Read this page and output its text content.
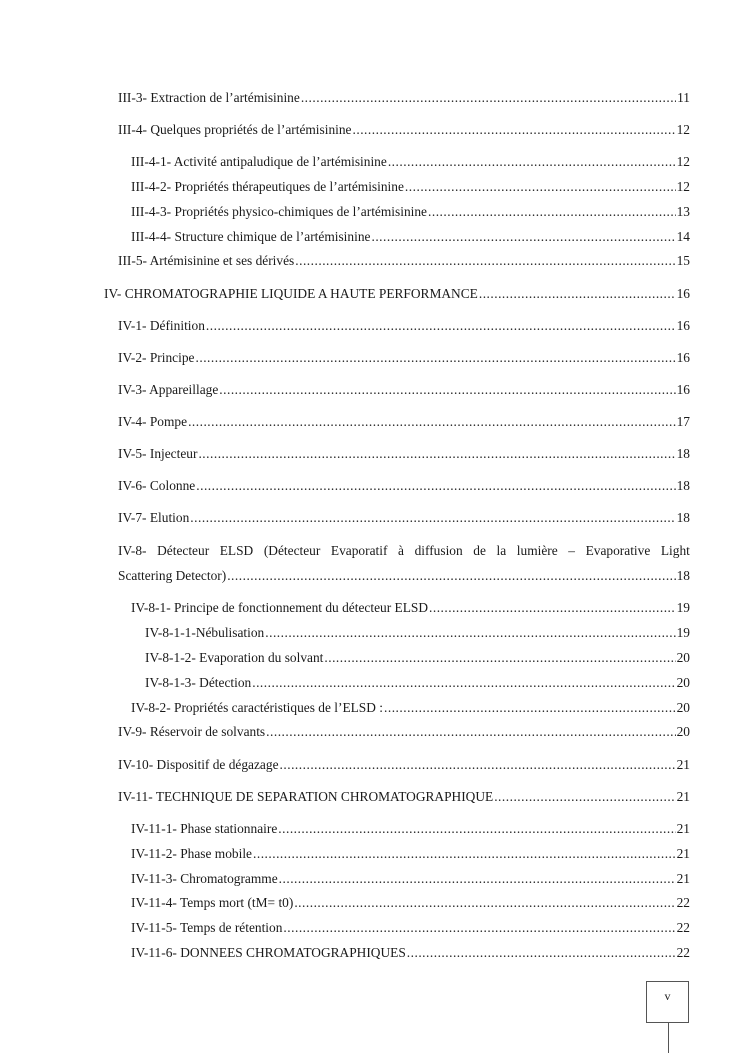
III-3- Extraction de l’artémisinine .....	11
III-4- Quelques propriétés de l’artémisinine .....	12
III-4-1- Activité antipaludique de l’artémisinine .....	12
III-4-2- Propriétés thérapeutiques de l’artémisinine .....	12
III-4-3- Propriétés physico-chimiques de l’artémisinine .....	13
III-4-4- Structure chimique de l’artémisinine .....	14
III-5- Artémisinine et ses dérivés .....	15
IV- CHROMATOGRAPHIE LIQUIDE A HAUTE PERFORMANCE .....	16
IV-1- Définition .....	16
IV-2- Principe .....	16
IV-3- Appareillage .....	16
IV-4- Pompe .....	17
IV-5- Injecteur .....	18
IV-6- Colonne .....	18
IV-7- Elution .....	18
IV-8- Détecteur ELSD (Détecteur Evaporatif à diffusion de la lumière – Evaporative Light
Scattering Detector) .....	18
IV-8-1- Principe de fonctionnement du détecteur ELSD .....	19
IV-8-1-1-Nébulisation .....	19
IV-8-1-2- Evaporation du solvant .....	20
IV-8-1-3- Détection .....	20
IV-8-2- Propriétés caractéristiques de l’ELSD : .....	20
IV-9- Réservoir de solvants .....	20
IV-10- Dispositif de dégazage .....	21
IV-11- TECHNIQUE DE SEPARATION CHROMATOGRAPHIQUE .....	21
IV-11-1- Phase stationnaire .....	21
IV-11-2- Phase mobile .....	21
IV-11-3- Chromatogramme .....	21
IV-11-4- Temps mort (tM= t0) .....	22
IV-11-5- Temps de rétention .....	22
IV-11-6- DONNEES CHROMATOGRAPHIQUES .....	22
v
